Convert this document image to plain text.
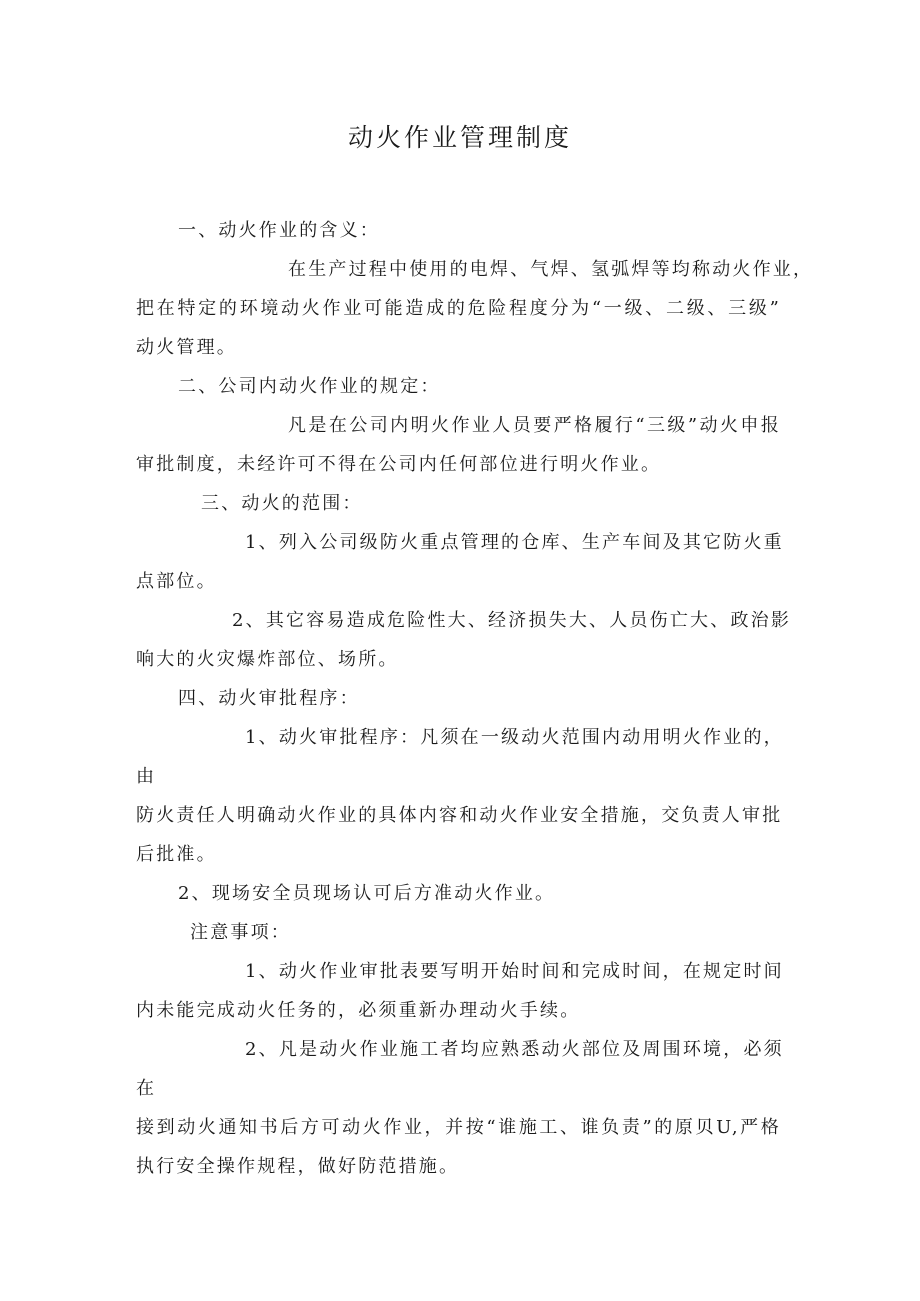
动火作业管理制度
一、动火作业的含义：
在生产过程中使用的电焊、气焊、氢弧焊等均称动火作业，
把在特定的环境动火作业可能造成的危险程度分为“一级、二级、三级”
动火管理。
二、公司内动火作业的规定：
凡是在公司内明火作业人员要严格履行“三级”动火申报
审批制度，未经许可不得在公司内任何部位进行明火作业。
三、动火的范围：
1、列入公司级防火重点管理的仓库、生产车间及其它防火重
点部位。
2、其它容易造成危险性大、经济损失大、人员伤亡大、政治影
响大的火灾爆炸部位、场所。
四、动火审批程序：
1、动火审批程序：凡须在一级动火范围内动用明火作业的，
由
防火责任人明确动火作业的具体内容和动火作业安全措施，交负责人审批
后批准。
2、现场安全员现场认可后方准动火作业。
注意事项：
1、动火作业审批表要写明开始时间和完成时间，在规定时间
内未能完成动火任务的，必须重新办理动火手续。
2、凡是动火作业施工者均应熟悉动火部位及周围环境，必须
在
接到动火通知书后方可动火作业，并按“谁施工、谁负责”的原贝U,严格
执行安全操作规程，做好防范措施。
